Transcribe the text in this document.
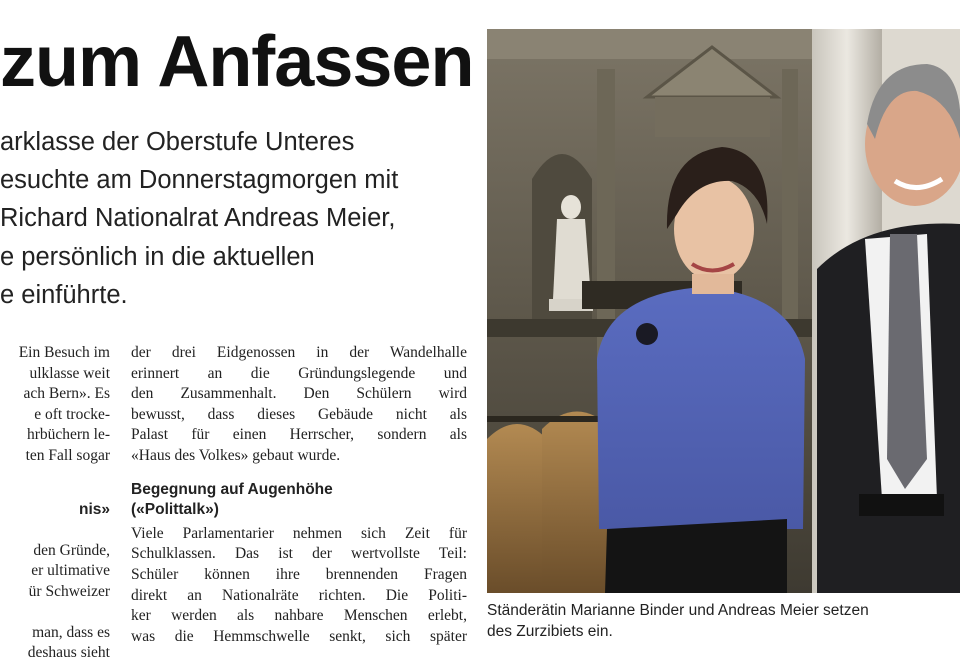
zum Anfassen
arklasse der Oberstufe Unteres
esuchte am Donnerstagmorgen mit
Richard Nationalrat Andreas Meier,
e persönlich in die aktuellen
e einführte.
Ein Besuch im
ulklasse weit
ach Bern». Es
e oft trocke-
hrbüchern le-
ten Fall sogar
nis»
den Gründe,
er ultimative
ür Schweizer
man, dass es
deshaus sieht
der drei Eidgenossen in der Wandelhalle
erinnert an die Gründungslegende und
den Zusammenhalt. Den Schülern wird
bewusst, dass dieses Gebäude nicht als
Palast für einen Herrscher, sondern als
«Haus des Volkes» gebaut wurde.
Begegnung auf Augenhöhe
(«Polittalk»)
Viele Parlamentarier nehmen sich Zeit für
Schulklassen. Das ist der wertvollste Teil:
Schüler können ihre brennenden Fragen
direkt an Nationalräte richten. Die Politi-
ker werden als nahbare Menschen erlebt,
was die Hemmschwelle senkt, sich später
Ständerätin Marianne Binder und Andreas Meier setzen
des Zurzibiets ein.
